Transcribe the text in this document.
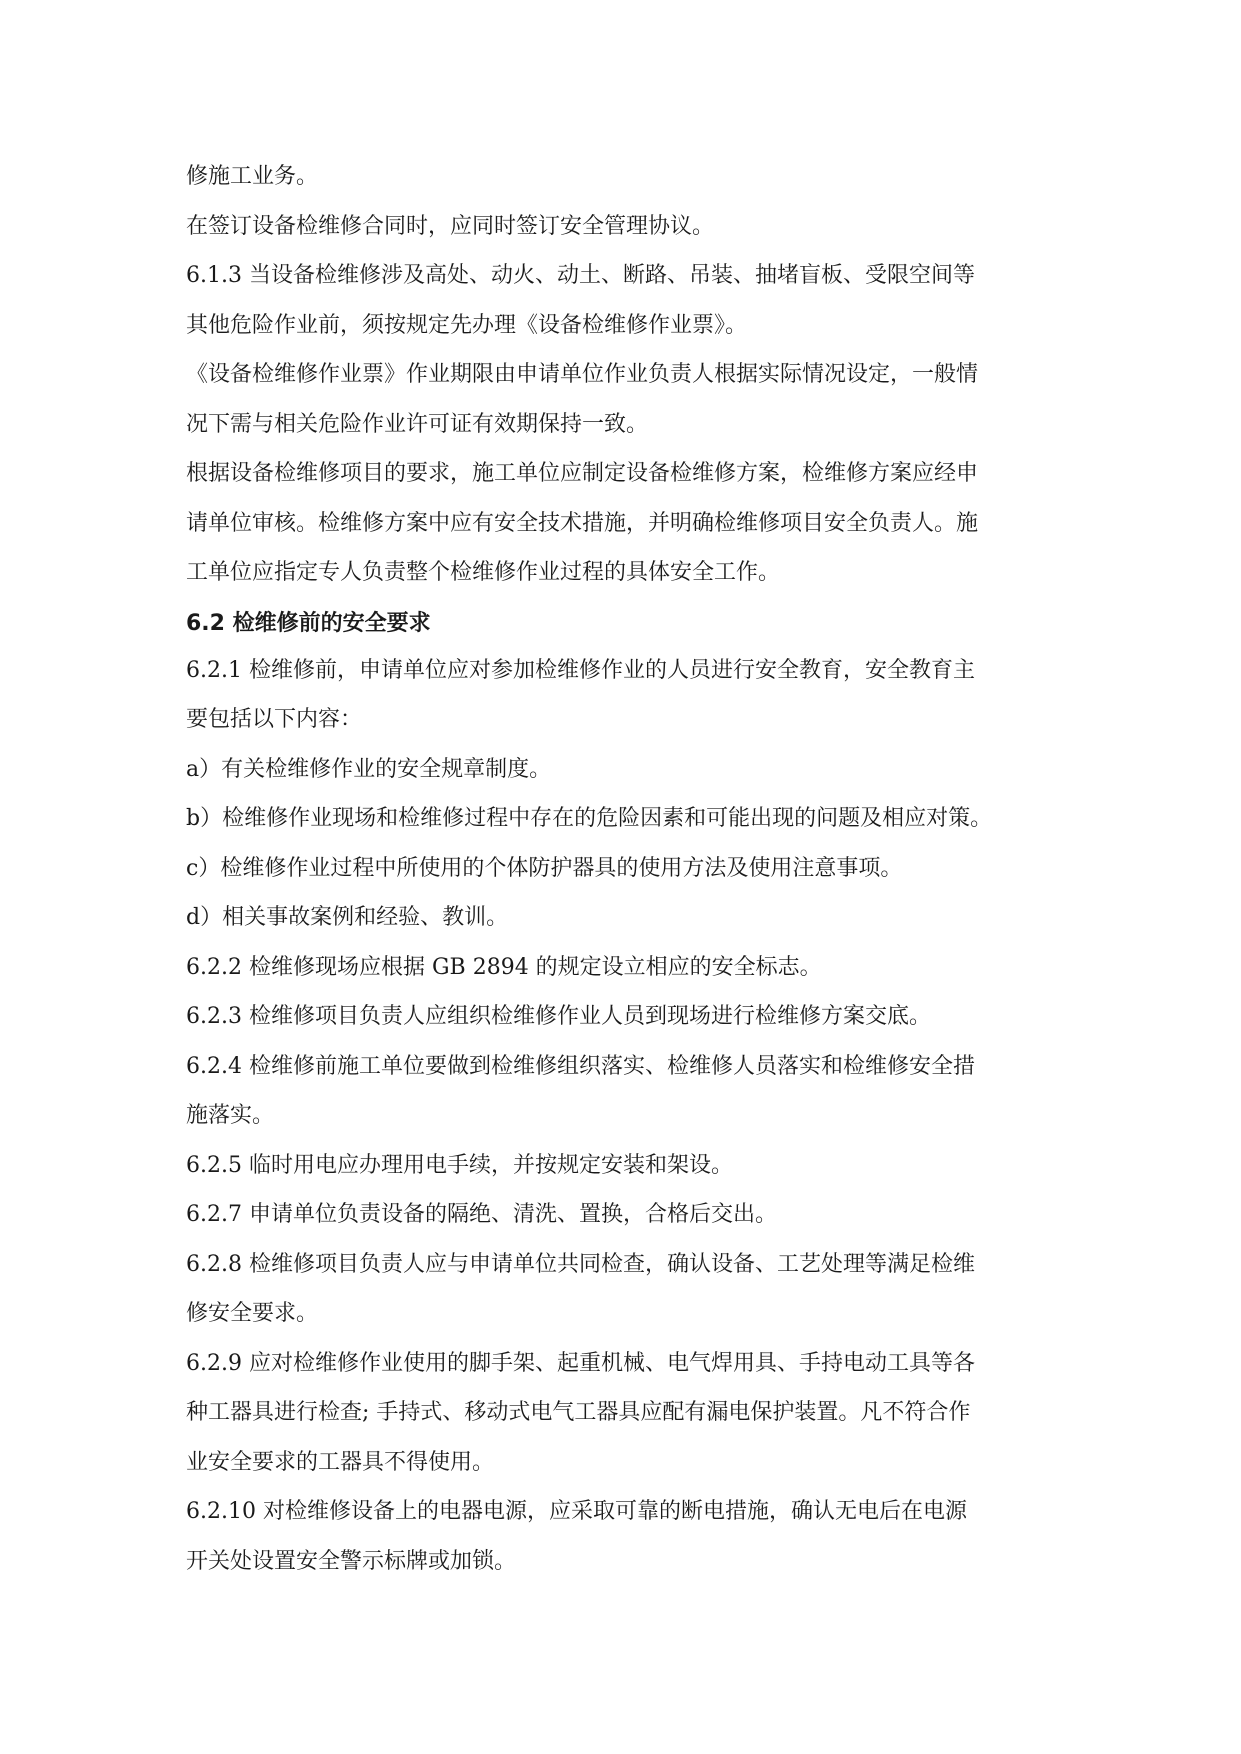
修施工业务。
在签订设备检维修合同时，应同时签订安全管理协议。
6.1.3 当设备检维修涉及高处、动火、动土、断路、吊装、抽堵盲板、受限空间等
其他危险作业前，须按规定先办理《设备检维修作业票》。
《设备检维修作业票》作业期限由申请单位作业负责人根据实际情况设定，一般情
况下需与相关危险作业许可证有效期保持一致。
根据设备检维修项目的要求，施工单位应制定设备检维修方案，检维修方案应经申
请单位审核。检维修方案中应有安全技术措施，并明确检维修项目安全负责人。施
工单位应指定专人负责整个检维修作业过程的具体安全工作。
6.2 检维修前的安全要求
6.2.1 检维修前，申请单位应对参加检维修作业的人员进行安全教育，安全教育主
要包括以下内容：
a）有关检维修作业的安全规章制度。
b）检维修作业现场和检维修过程中存在的危险因素和可能出现的问题及相应对策。
c）检维修作业过程中所使用的个体防护器具的使用方法及使用注意事项。
d）相关事故案例和经验、教训。
6.2.2 检维修现场应根据 GB 2894 的规定设立相应的安全标志。
6.2.3 检维修项目负责人应组织检维修作业人员到现场进行检维修方案交底。
6.2.4 检维修前施工单位要做到检维修组织落实、检维修人员落实和检维修安全措
施落实。
6.2.5 临时用电应办理用电手续，并按规定安装和架设。
6.2.7 申请单位负责设备的隔绝、清洗、置换，合格后交出。
6.2.8 检维修项目负责人应与申请单位共同检查，确认设备、工艺处理等满足检维
修安全要求。
6.2.9 应对检维修作业使用的脚手架、起重机械、电气焊用具、手持电动工具等各
种工器具进行检查; 手持式、移动式电气工器具应配有漏电保护装置。凡不符合作
业安全要求的工器具不得使用。
6.2.10 对检维修设备上的电器电源，应采取可靠的断电措施，确认无电后在电源
开关处设置安全警示标牌或加锁。
